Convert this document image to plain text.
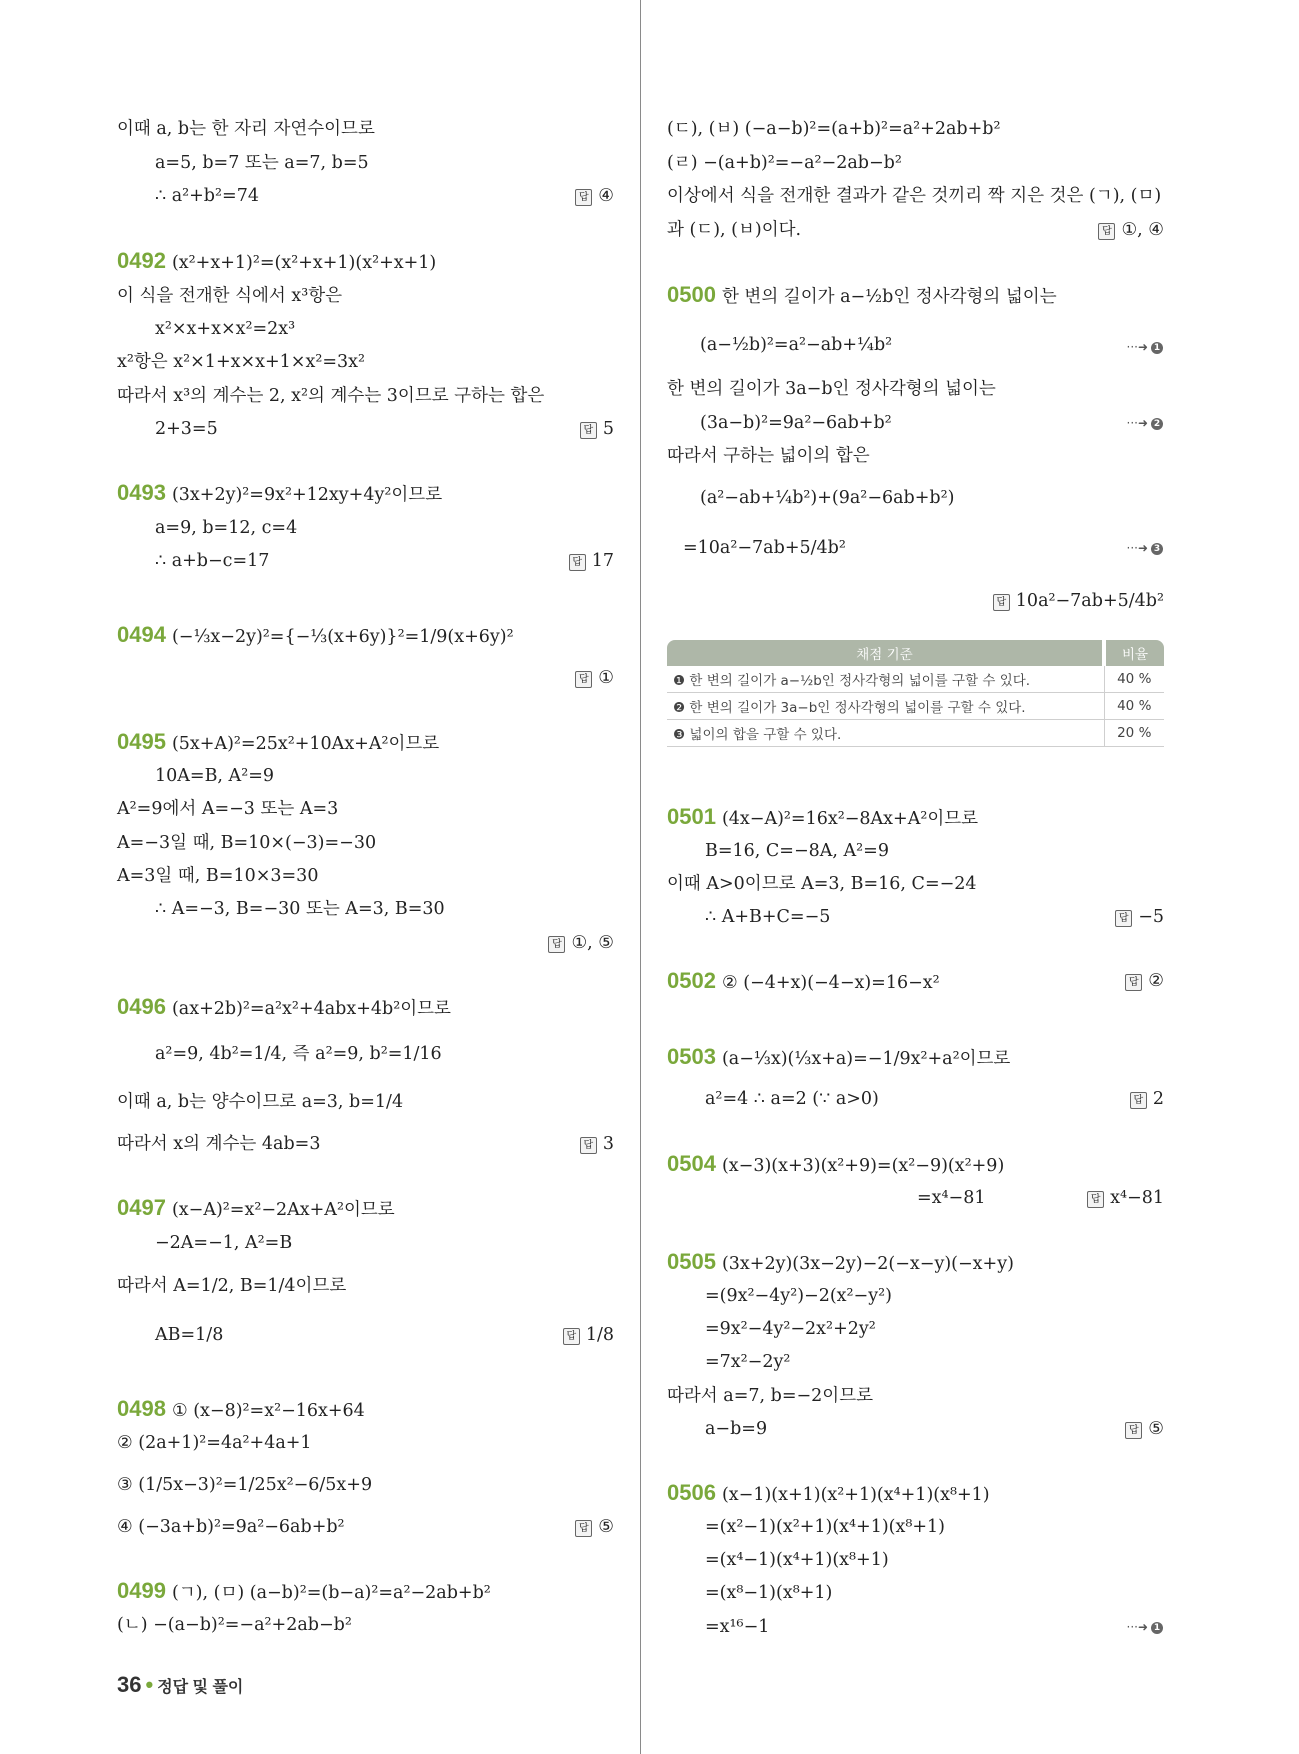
이때 a, b는 한 자리 자연수이므로
a=5, b=7 또는 a=7, b=5
∴ a²+b²=74	답 ④
0492 (x²+x+1)²=(x²+x+1)(x²+x+1)
이 식을 전개한 식에서 x³항은
x²×x+x×x²=2x³
x²항은 x²×1+x×x+1×x²=3x²
따라서 x³의 계수는 2, x²의 계수는 3이므로 구하는 합은
2+3=5	답 5
0493 (3x+2y)²=9x²+12xy+4y²이므로
a=9, b=12, c=4
∴ a+b−c=17	답 17
0494 (−⅓x−2y)²={−⅓(x+6y)}²=1/9(x+6y)²
답 ①
0495 (5x+A)²=25x²+10Ax+A²이므로
10A=B, A²=9
A²=9에서 A=−3 또는 A=3
A=−3일 때, B=10×(−3)=−30
A=3일 때, B=10×3=30
∴ A=−3, B=−30 또는 A=3, B=30
답 ①, ⑤
0496 (ax+2b)²=a²x²+4abx+4b²이므로
a²=9, 4b²=1/4, 즉 a²=9, b²=1/16
이때 a, b는 양수이므로 a=3, b=1/4
따라서 x의 계수는 4ab=3	답 3
0497 (x−A)²=x²−2Ax+A²이므로
−2A=−1, A²=B
따라서 A=1/2, B=1/4이므로
AB=1/8	답 1/8
0498 ① (x−8)²=x²−16x+64
② (2a+1)²=4a²+4a+1
③ (1/5x−3)²=1/25x²−6/5x+9
④ (−3a+b)²=9a²−6ab+b²	답 ⑤
0499 (ㄱ), (ㅁ) (a−b)²=(b−a)²=a²−2ab+b²
(ㄴ) −(a−b)²=−a²+2ab−b²
(ㄷ), (ㅂ) (−a−b)²=(a+b)²=a²+2ab+b²
(ㄹ) −(a+b)²=−a²−2ab−b²
이상에서 식을 전개한 결과가 같은 것끼리 짝 지은 것은 (ㄱ), (ㅁ)
과 (ㄷ), (ㅂ)이다.	답 ①, ④
0500 한 변의 길이가 a−½b인 정사각형의 넓이는
(a−½b)²=a²−ab+¼b²	···➜ 1
한 변의 길이가 3a−b인 정사각형의 넓이는
(3a−b)²=9a²−6ab+b²	···➜ 2
따라서 구하는 넓이의 합은
(a²−ab+¼b²)+(9a²−6ab+b²)
=10a²−7ab+5/4b²	···➜ 3
답 10a²−7ab+5/4b²
채점 기준	비율
❶ 한 변의 길이가 a−½b인 정사각형의 넓이를 구할 수 있다.	40 %
❷ 한 변의 길이가 3a−b인 정사각형의 넓이를 구할 수 있다.	40 %
❸ 넓이의 합을 구할 수 있다.	20 %
0501 (4x−A)²=16x²−8Ax+A²이므로
B=16, C=−8A, A²=9
이때 A>0이므로 A=3, B=16, C=−24
∴ A+B+C=−5	답 −5
0502 ② (−4+x)(−4−x)=16−x²	답 ②
0503 (a−⅓x)(⅓x+a)=−1/9x²+a²이므로
a²=4 ∴ a=2 (∵ a>0)	답 2
0504 (x−3)(x+3)(x²+9)=(x²−9)(x²+9)
=x⁴−81	답 x⁴−81
0505 (3x+2y)(3x−2y)−2(−x−y)(−x+y)
=(9x²−4y²)−2(x²−y²)
=9x²−4y²−2x²+2y²
=7x²−2y²
따라서 a=7, b=−2이므로
a−b=9	답 ⑤
0506 (x−1)(x+1)(x²+1)(x⁴+1)(x⁸+1)
=(x²−1)(x²+1)(x⁴+1)(x⁸+1)
=(x⁴−1)(x⁴+1)(x⁸+1)
=(x⁸−1)(x⁸+1)
=x¹⁶−1	···➜ 1
36 • 정답 및 풀이
